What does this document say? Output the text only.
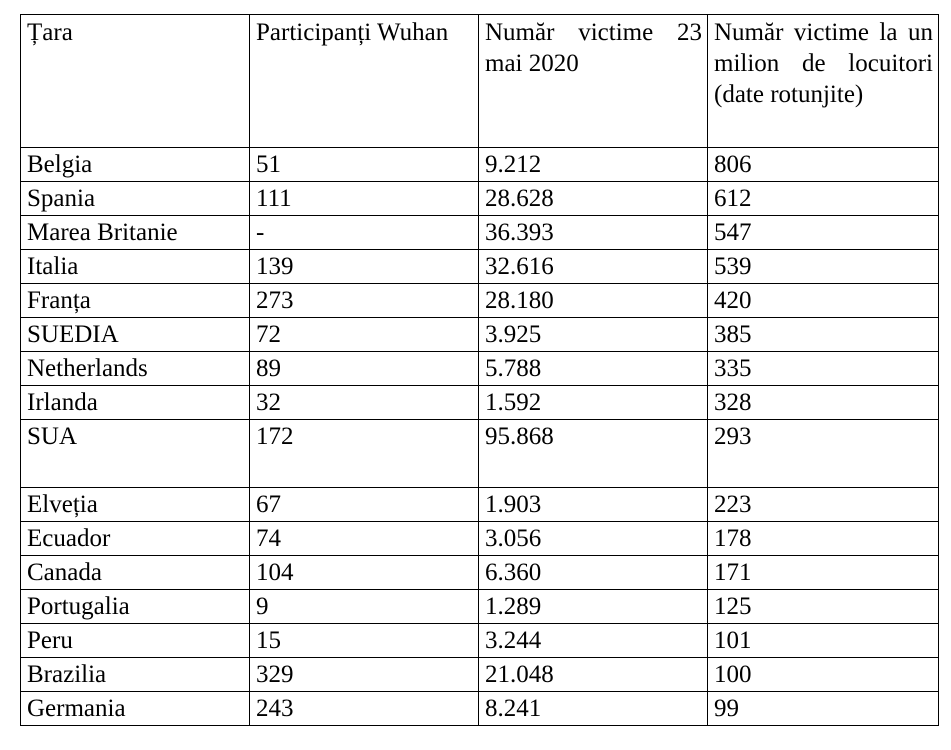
Țara	Participanți Wuhan	Număr victime 23 mai 2020	Număr victime la un milion de locuitori (date rotunjite)
Belgia	51	9.212	806
Spania	111	28.628	612
Marea Britanie	-	36.393	547
Italia	139	32.616	539
Franța	273	28.180	420
SUEDIA	72	3.925	385
Netherlands	89	5.788	335
Irlanda	32	1.592	328
SUA	172	95.868	293
Elveția	67	1.903	223
Ecuador	74	3.056	178
Canada	104	6.360	171
Portugalia	9	1.289	125
Peru	15	3.244	101
Brazilia	329	21.048	100
Germania	243	8.241	99
